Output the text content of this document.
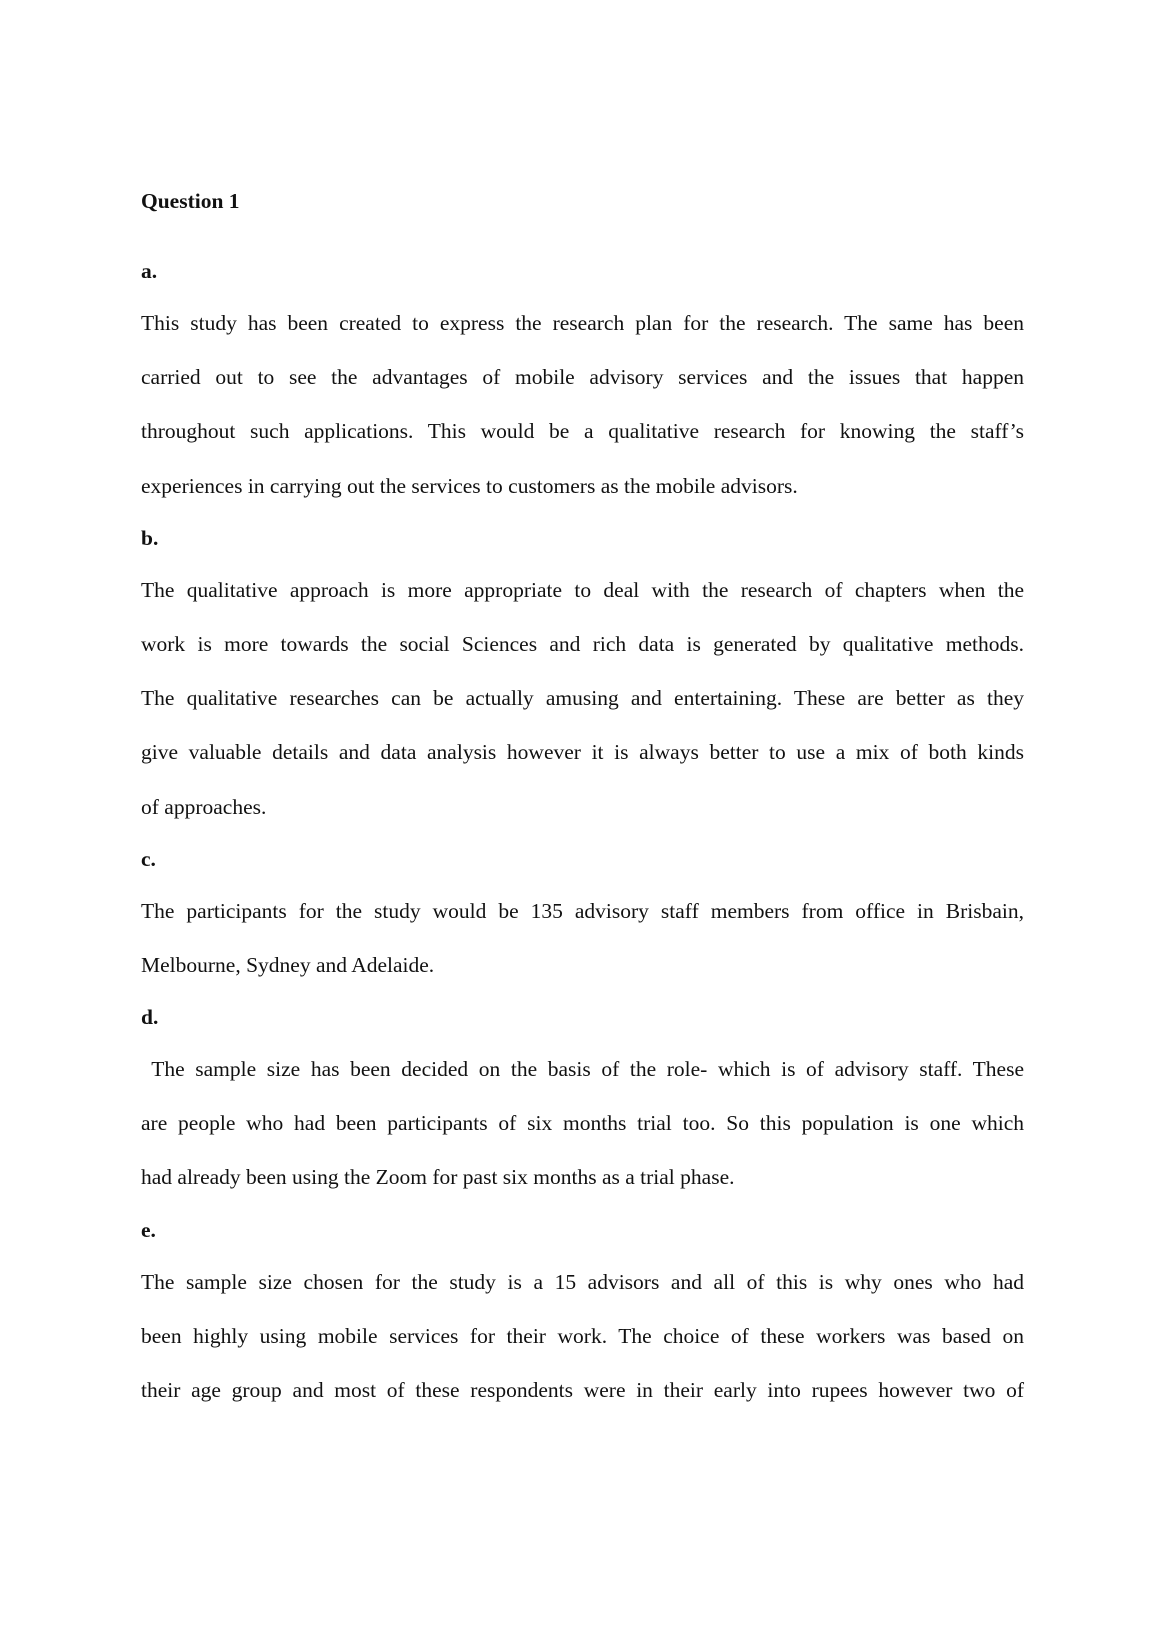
Question 1

a.

This study has been created to express the research plan for the research. The same has been
carried out to see the advantages of mobile advisory services and the issues that happen
throughout such applications. This would be a qualitative research for knowing the staff’s
experiences in carrying out the services to customers as the mobile advisors.

b.

The qualitative approach is more appropriate to deal with the research of chapters when the
work is more towards the social Sciences and rich data is generated by qualitative methods.
The qualitative researches can be actually amusing and entertaining. These are better as they
give valuable details and data analysis however it is always better to use a mix of both kinds
of approaches.

c.

The participants for the study would be 135 advisory staff members from office in Brisbain,
Melbourne, Sydney and Adelaide.

d.

The sample size has been decided on the basis of the role- which is of advisory staff. These
are people who had been participants of six months trial too. So this population is one which
had already been using the Zoom for past six months as a trial phase.

e.

The sample size chosen for the study is a 15 advisors and all of this is why ones who had
been highly using mobile services for their work. The choice of these workers was based on
their age group and most of these respondents were in their early into rupees however two of
